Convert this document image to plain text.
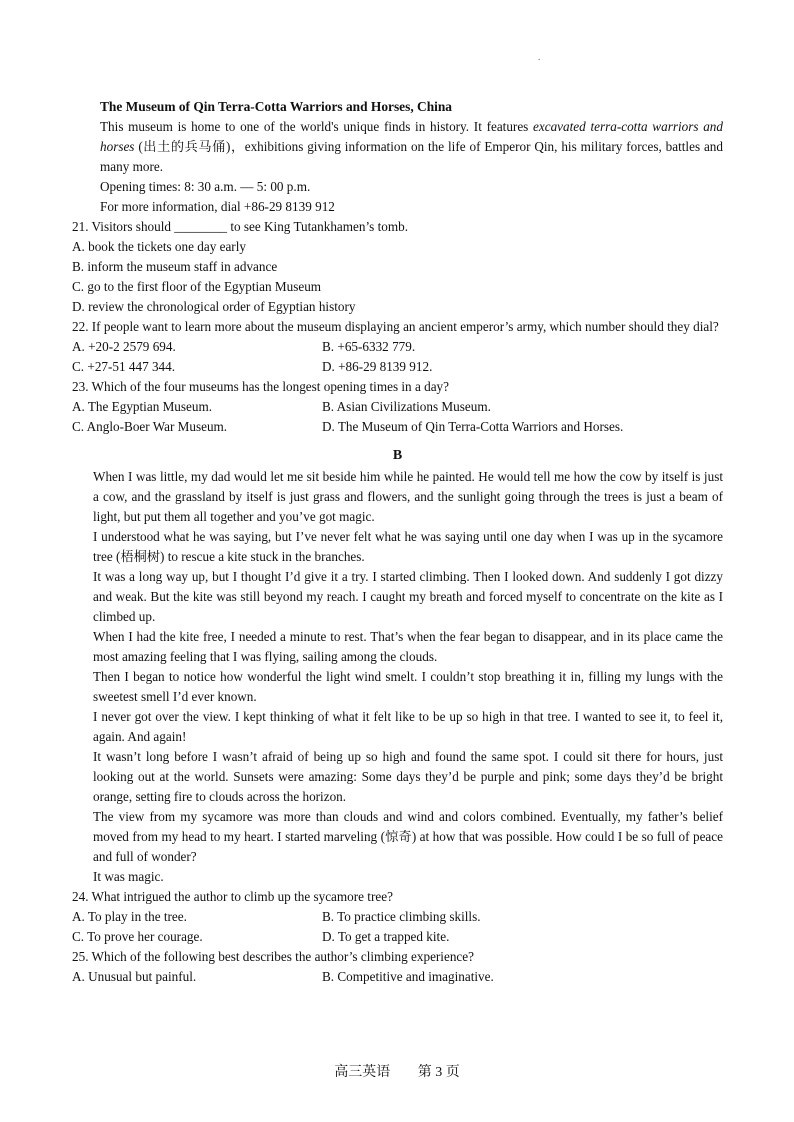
.
The Museum of Qin Terra-Cotta Warriors and Horses, China
This museum is home to one of the world's unique finds in history. It features excavated terra-cotta warriors and horses (出土的兵马俑)，exhibitions giving information on the life of Emperor Qin, his military forces, battles and many more.
Opening times: 8: 30 a.m. — 5: 00 p.m.
For more information, dial +86-29 8139 912
21. Visitors should ________ to see King Tutankhamen’s tomb.
A. book the tickets one day early
B. inform the museum staff in advance
C. go to the first floor of the Egyptian Museum
D. review the chronological order of Egyptian history
22. If people want to learn more about the museum displaying an ancient emperor’s army, which number should they dial?
A. +20-2 2579 694.	B. +65-6332 779.
C. +27-51 447 344.	D. +86-29 8139 912.
23. Which of the four museums has the longest opening times in a day?
A. The Egyptian Museum.	B. Asian Civilizations Museum.
C. Anglo-Boer War Museum.	D. The Museum of Qin Terra-Cotta Warriors and Horses.
B
When I was little, my dad would let me sit beside him while he painted. He would tell me how the cow by itself is just a cow, and the grassland by itself is just grass and flowers, and the sunlight going through the trees is just a beam of light, but put them all together and you’ve got magic.
I understood what he was saying, but I’ve never felt what he was saying until one day when I was up in the sycamore tree (梧桐树) to rescue a kite stuck in the branches.
It was a long way up, but I thought I’d give it a try. I started climbing. Then I looked down. And suddenly I got dizzy and weak. But the kite was still beyond my reach. I caught my breath and forced myself to concentrate on the kite as I climbed up.
When I had the kite free, I needed a minute to rest. That’s when the fear began to disappear, and in its place came the most amazing feeling that I was flying, sailing among the clouds.
Then I began to notice how wonderful the light wind smelt. I couldn’t stop breathing it in, filling my lungs with the sweetest smell I’d ever known.
I never got over the view. I kept thinking of what it felt like to be up so high in that tree. I wanted to see it, to feel it, again. And again!
It wasn’t long before I wasn’t afraid of being up so high and found the same spot. I could sit there for hours, just looking out at the world. Sunsets were amazing: Some days they’d be purple and pink; some days they’d be bright orange, setting fire to clouds across the horizon.
The view from my sycamore was more than clouds and wind and colors combined. Eventually, my father’s belief moved from my head to my heart. I started marveling (惊奇) at how that was possible. How could I be so full of peace and full of wonder?
It was magic.
24. What intrigued the author to climb up the sycamore tree?
A. To play in the tree.	B. To practice climbing skills.
C. To prove her courage.	D. To get a trapped kite.
25. Which of the following best describes the author’s climbing experience?
A. Unusual but painful.	B. Competitive and imaginative.
高三英语 第 3 页
